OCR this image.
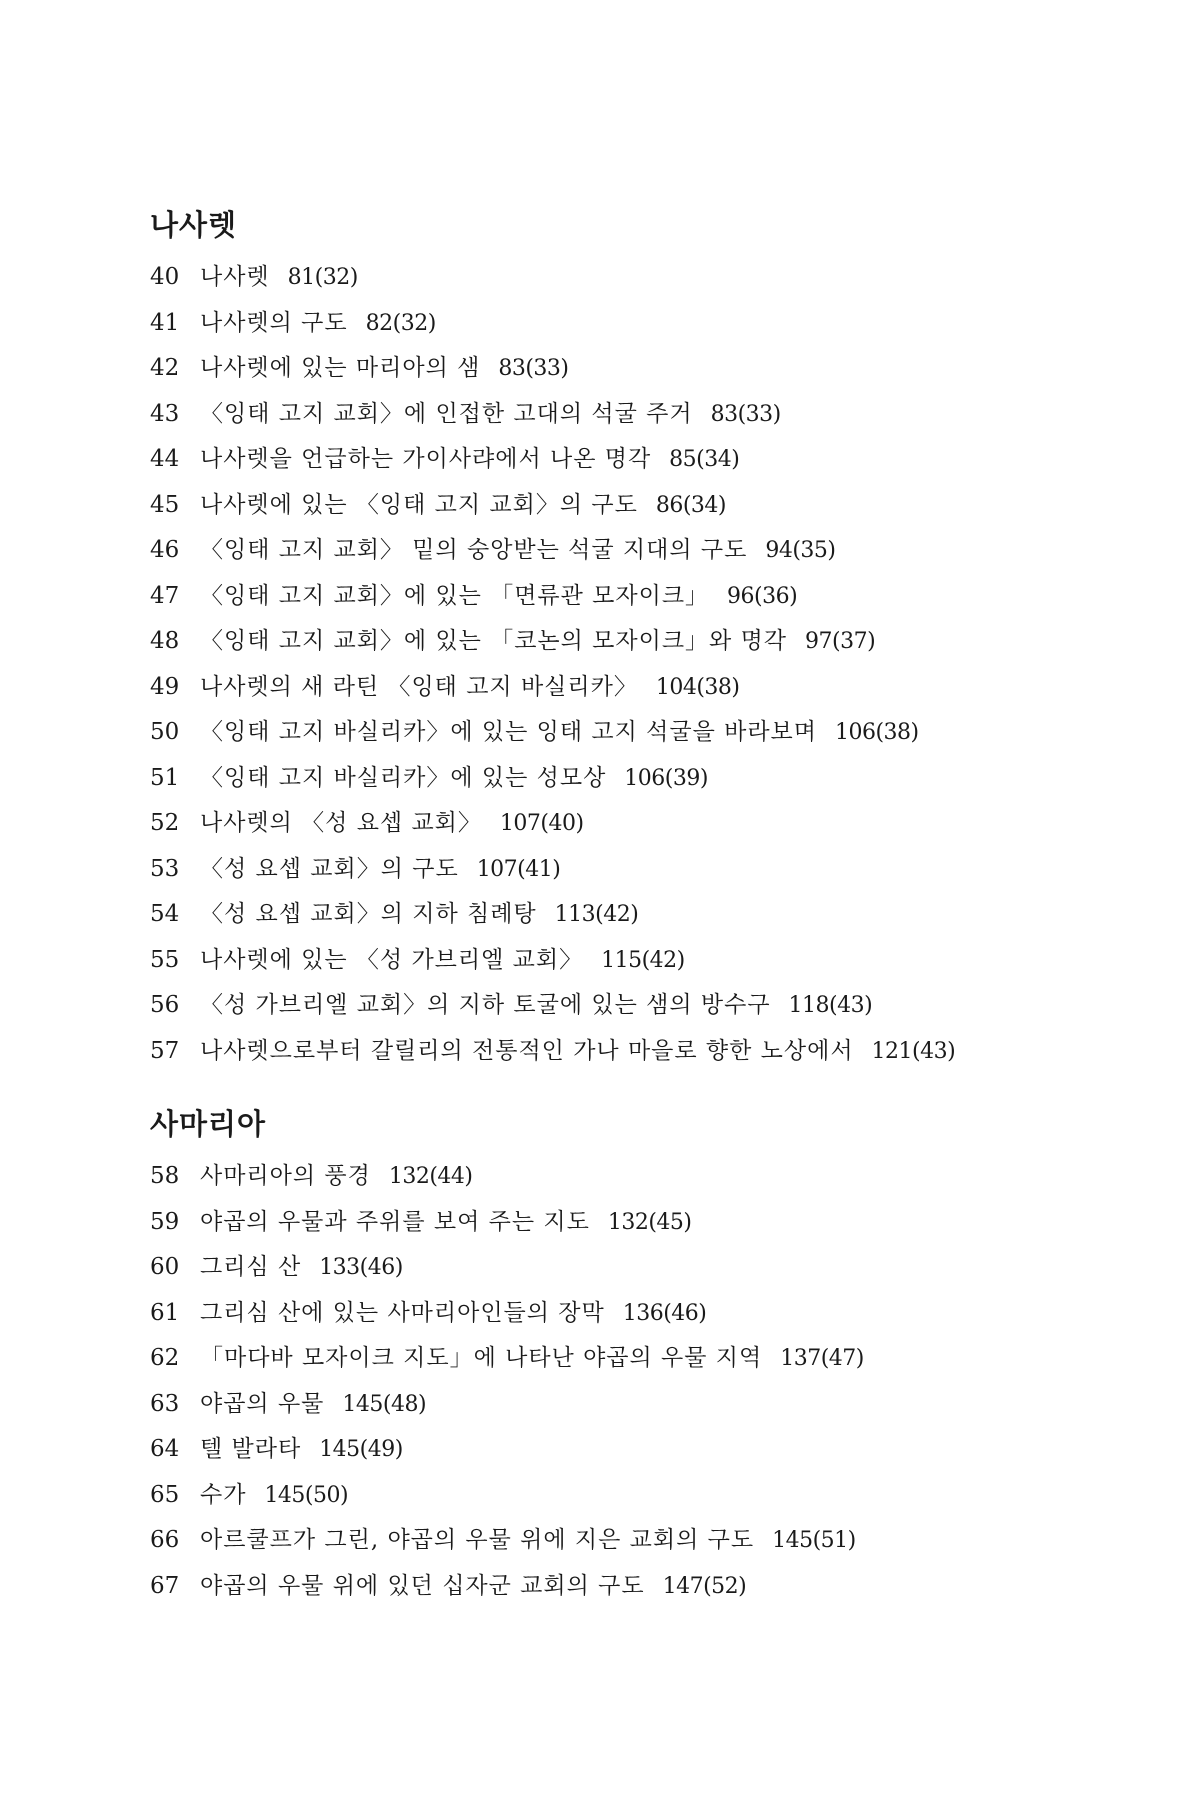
나사렛
40 나사렛 81(32)
41 나사렛의 구도 82(32)
42 나사렛에 있는 마리아의 샘 83(33)
43 〈잉태 고지 교회〉에 인접한 고대의 석굴 주거 83(33)
44 나사렛을 언급하는 가이사랴에서 나온 명각 85(34)
45 나사렛에 있는 〈잉태 고지 교회〉의 구도 86(34)
46 〈잉태 고지 교회〉 밑의 숭앙받는 석굴 지대의 구도 94(35)
47 〈잉태 고지 교회〉에 있는 「면류관 모자이크」 96(36)
48 〈잉태 고지 교회〉에 있는 「코논의 모자이크」와 명각 97(37)
49 나사렛의 새 라틴 〈잉태 고지 바실리카〉 104(38)
50 〈잉태 고지 바실리카〉에 있는 잉태 고지 석굴을 바라보며 106(38)
51 〈잉태 고지 바실리카〉에 있는 성모상 106(39)
52 나사렛의 〈성 요셉 교회〉 107(40)
53 〈성 요셉 교회〉의 구도 107(41)
54 〈성 요셉 교회〉의 지하 침례탕 113(42)
55 나사렛에 있는 〈성 가브리엘 교회〉 115(42)
56 〈성 가브리엘 교회〉의 지하 토굴에 있는 샘의 방수구 118(43)
57 나사렛으로부터 갈릴리의 전통적인 가나 마을로 향한 노상에서 121(43)
사마리아
58 사마리아의 풍경 132(44)
59 야곱의 우물과 주위를 보여 주는 지도 132(45)
60 그리심 산 133(46)
61 그리심 산에 있는 사마리아인들의 장막 136(46)
62 「마다바 모자이크 지도」에 나타난 야곱의 우물 지역 137(47)
63 야곱의 우물 145(48)
64 텔 발라타 145(49)
65 수가 145(50)
66 아르쿨프가 그린, 야곱의 우물 위에 지은 교회의 구도 145(51)
67 야곱의 우물 위에 있던 십자군 교회의 구도 147(52)
